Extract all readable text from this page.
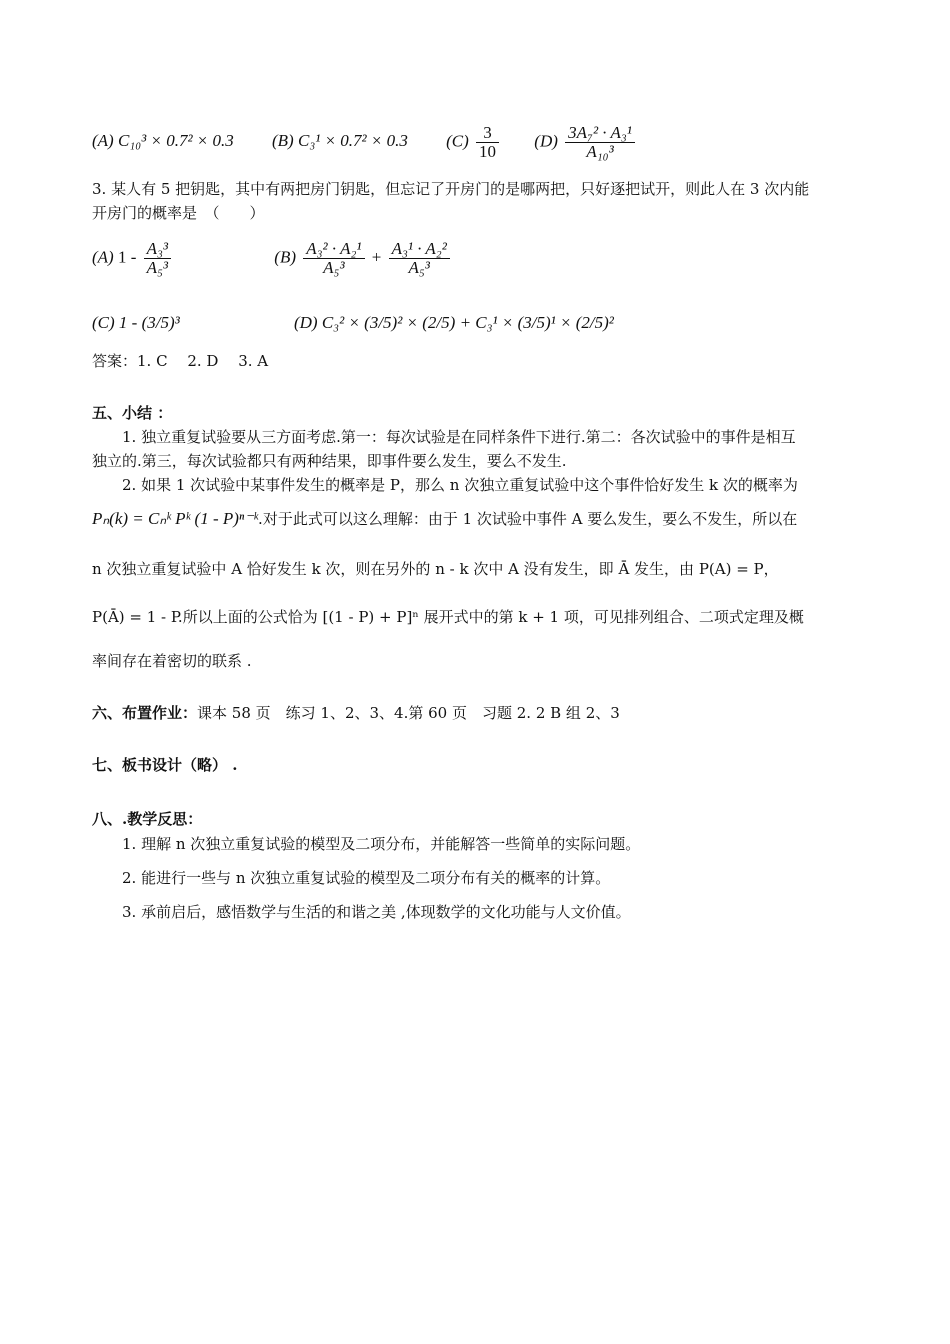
(A) C₁₀³ × 0.7² × 0.3 (B) C₃¹ × 0.7² × 0.3 $(C) \frac{3}{10} (D) \frac{\text{3A₇² · A₃¹}}{\text{A₁₀³}}$
3. 某人有 5 把钥匙，其中有两把房门钥匙，但忘记了开房门的是哪两把，只好逐把试开，则此人在 3 次内能
开房门的概率是　（　　）
(A) $1 - \frac{\text{A₃³}}{\text{A₅³}}$	$(B) \frac{\text{A₃² · A₂¹}}{\text{A₅³}} + \frac{\text{A₃¹ · A₂²}}{\text{A₅³}}$
(C) 1 - (3/5)³	(D) C₃² × (3/5)² × (2/5) + C₃¹ × (3/5)¹ × (2/5)²
答案：1. C　 2. D　 3. A
五、小结 ：
1. 独立重复试验要从三方面考虑.第一：每次试验是在同样条件下进行.第二：各次试验中的事件是相互
独立的.第三，每次试验都只有两种结果，即事件要么发生，要么不发生.
2. 如果 1 次试验中某事件发生的概率是 P，那么 n 次独立重复试验中这个事件恰好发生 k 次的概率为
Pₙ(k) = Cₙᵏ Pᵏ (1 - P)ⁿ⁻ᵏ.对于此式可以这么理解：由于 1 次试验中事件 A 要么发生，要么不发生，所以在
n 次独立重复试验中 A 恰好发生 k 次，则在另外的 n - k 次中 A 没有发生，即 Ā 发生，由 P(A) = P，
P(Ā) = 1 - P.所以上面的公式恰为 [(1 - P) + P]ⁿ 展开式中的第 k + 1 项，可见排列组合、二项式定理及概
率间存在着密切的联系 .
六、布置作业：课本 58 页　练习 1、2、3、4.第 60 页　习题 2. 2 B 组 2、3
七、板书设计（略） .
八、.教学反思：
1. 理解 n 次独立重复试验的模型及二项分布，并能解答一些简单的实际问题。
2. 能进行一些与 n 次独立重复试验的模型及二项分布有关的概率的计算。
3. 承前启后，感悟数学与生活的和谐之美 ,体现数学的文化功能与人文价值。
